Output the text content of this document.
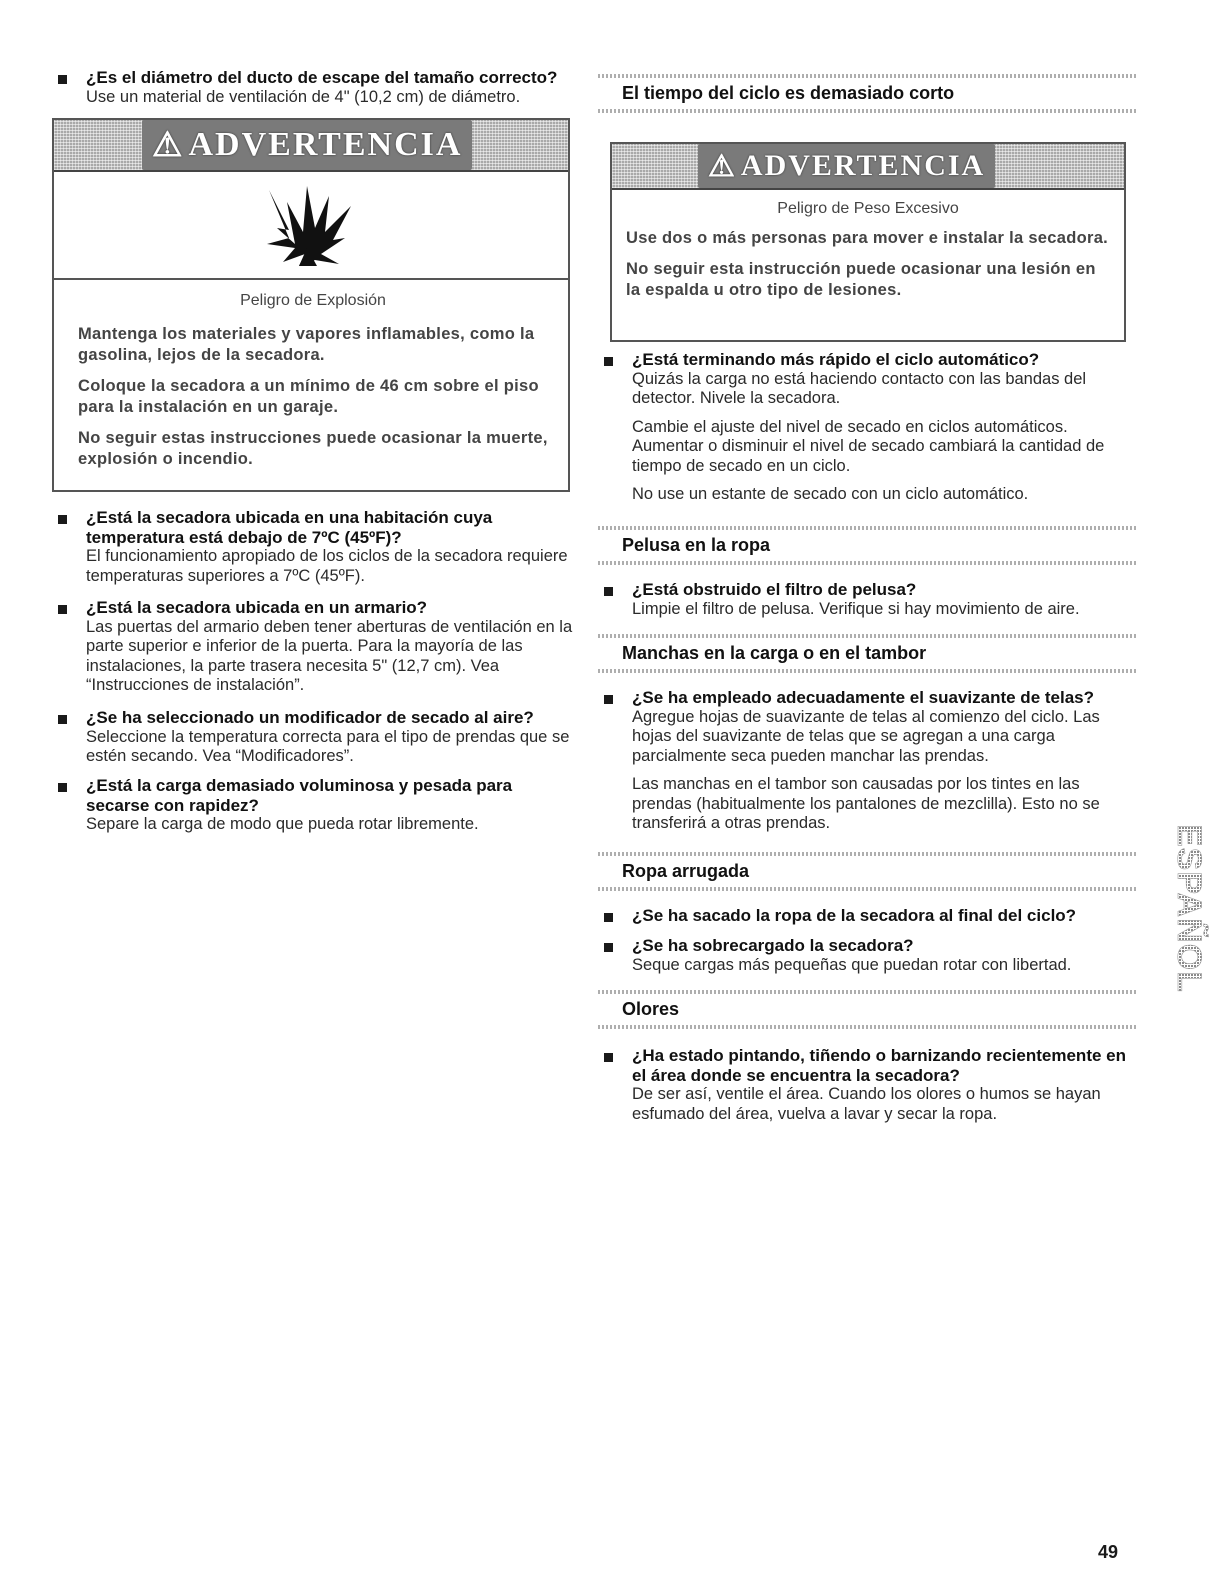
¿Es el diámetro del ducto de escape del tamaño correcto?
Use un material de ventilación de 4" (10,2 cm) de diámetro.
⚠ ADVERTENCIA
Peligro de Explosión
Mantenga los materiales y vapores inflamables, como la gasolina, lejos de la secadora.
Coloque la secadora a un mínimo de 46 cm sobre el piso para la instalación en un garaje.
No seguir estas instrucciones puede ocasionar la muerte, explosión o incendio.
¿Está la secadora ubicada en una habitación cuya temperatura está debajo de 7ºC (45ºF)?
El funcionamiento apropiado de los ciclos de la secadora requiere temperaturas superiores a 7ºC (45ºF).
¿Está la secadora ubicada en un armario?
Las puertas del armario deben tener aberturas de ventilación en la parte superior e inferior de la puerta. Para la mayoría de las instalaciones, la parte trasera necesita 5" (12,7 cm). Vea “Instrucciones de instalación”.
¿Se ha seleccionado un modificador de secado al aire?
Seleccione la temperatura correcta para el tipo de prendas que se estén secando. Vea “Modificadores”.
¿Está la carga demasiado voluminosa y pesada para secarse con rapidez?
Separe la carga de modo que pueda rotar libremente.
El tiempo del ciclo es demasiado corto
⚠ ADVERTENCIA
Peligro de Peso Excesivo
Use dos o más personas para mover e instalar la secadora.
No seguir esta instrucción puede ocasionar una lesión en la espalda u otro tipo de lesiones.
¿Está terminando más rápido el ciclo automático?
Quizás la carga no está haciendo contacto con las bandas del detector. Nivele la secadora.
Cambie el ajuste del nivel de secado en ciclos automáticos. Aumentar o disminuir el nivel de secado cambiará la cantidad de tiempo de secado en un ciclo.
No use un estante de secado con un ciclo automático.
Pelusa en la ropa
¿Está obstruido el filtro de pelusa?
Limpie el filtro de pelusa. Verifique si hay movimiento de aire.
Manchas en la carga o en el tambor
¿Se ha empleado adecuadamente el suavizante de telas?
Agregue hojas de suavizante de telas al comienzo del ciclo. Las hojas del suavizante de telas que se agregan a una carga parcialmente seca pueden manchar las prendas.
Las manchas en el tambor son causadas por los tintes en las prendas (habitualmente los pantalones de mezclilla). Esto no se transferirá a otras prendas.
Ropa arrugada
¿Se ha sacado la ropa de la secadora al final del ciclo?
¿Se ha sobrecargado la secadora?
Seque cargas más pequeñas que puedan rotar con libertad.
Olores
¿Ha estado pintando, tiñendo o barnizando recientemente en el área donde se encuentra la secadora?
De ser así, ventile el área. Cuando los olores o humos se hayan esfumado del área, vuelva a lavar y secar la ropa.
ESPAÑOL
49
